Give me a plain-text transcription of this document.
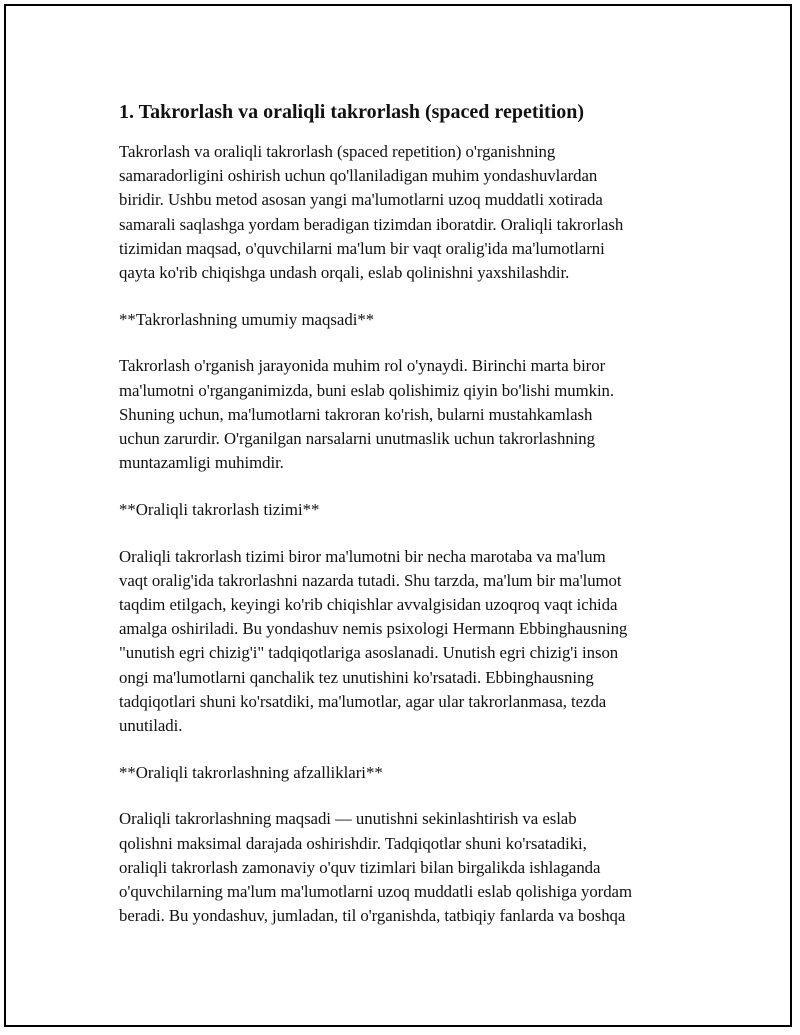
1. Takrorlash va oraliqli takrorlash (spaced repetition)
Takrorlash va oraliqli takrorlash (spaced repetition) o'rganishning
samaradorligini oshirish uchun qo'llaniladigan muhim yondashuvlardan
biridir. Ushbu metod asosan yangi ma'lumotlarni uzoq muddatli xotirada
samarali saqlashga yordam beradigan tizimdan iboratdir. Oraliqli takrorlash
tizimidan maqsad, o'quvchilarni ma'lum bir vaqt oralig'ida ma'lumotlarni
qayta ko'rib chiqishga undash orqali, eslab qolinishni yaxshilashdir.
**Takrorlashning umumiy maqsadi**
Takrorlash o'rganish jarayonida muhim rol o'ynaydi. Birinchi marta biror
ma'lumotni o'rganganimizda, buni eslab qolishimiz qiyin bo'lishi mumkin.
Shuning uchun, ma'lumotlarni takroran ko'rish, bularni mustahkamlash
uchun zarurdir. O'rganilgan narsalarni unutmaslik uchun takrorlashning
muntazamligi muhimdir.
**Oraliqli takrorlash tizimi**
Oraliqli takrorlash tizimi biror ma'lumotni bir necha marotaba va ma'lum
vaqt oralig'ida takrorlashni nazarda tutadi. Shu tarzda, ma'lum bir ma'lumot
taqdim etilgach, keyingi ko'rib chiqishlar avvalgisidan uzoqroq vaqt ichida
amalga oshiriladi. Bu yondashuv nemis psixologi Hermann Ebbinghausning
"unutish egri chizig'i" tadqiqotlariga asoslanadi. Unutish egri chizig'i inson
ongi ma'lumotlarni qanchalik tez unutishini ko'rsatadi. Ebbinghausning
tadqiqotlari shuni ko'rsatdiki, ma'lumotlar, agar ular takrorlanmasa, tezda
unutiladi.
**Oraliqli takrorlashning afzalliklari**
Oraliqli takrorlashning maqsadi — unutishni sekinlashtirish va eslab
qolishni maksimal darajada oshirishdir. Tadqiqotlar shuni ko'rsatadiki,
oraliqli takrorlash zamonaviy o'quv tizimlari bilan birgalikda ishlaganda
o'quvchilarning ma'lum ma'lumotlarni uzoq muddatli eslab qolishiga yordam
beradi. Bu yondashuv, jumladan, til o'rganishda, tatbiqiy fanlarda va boshqa
